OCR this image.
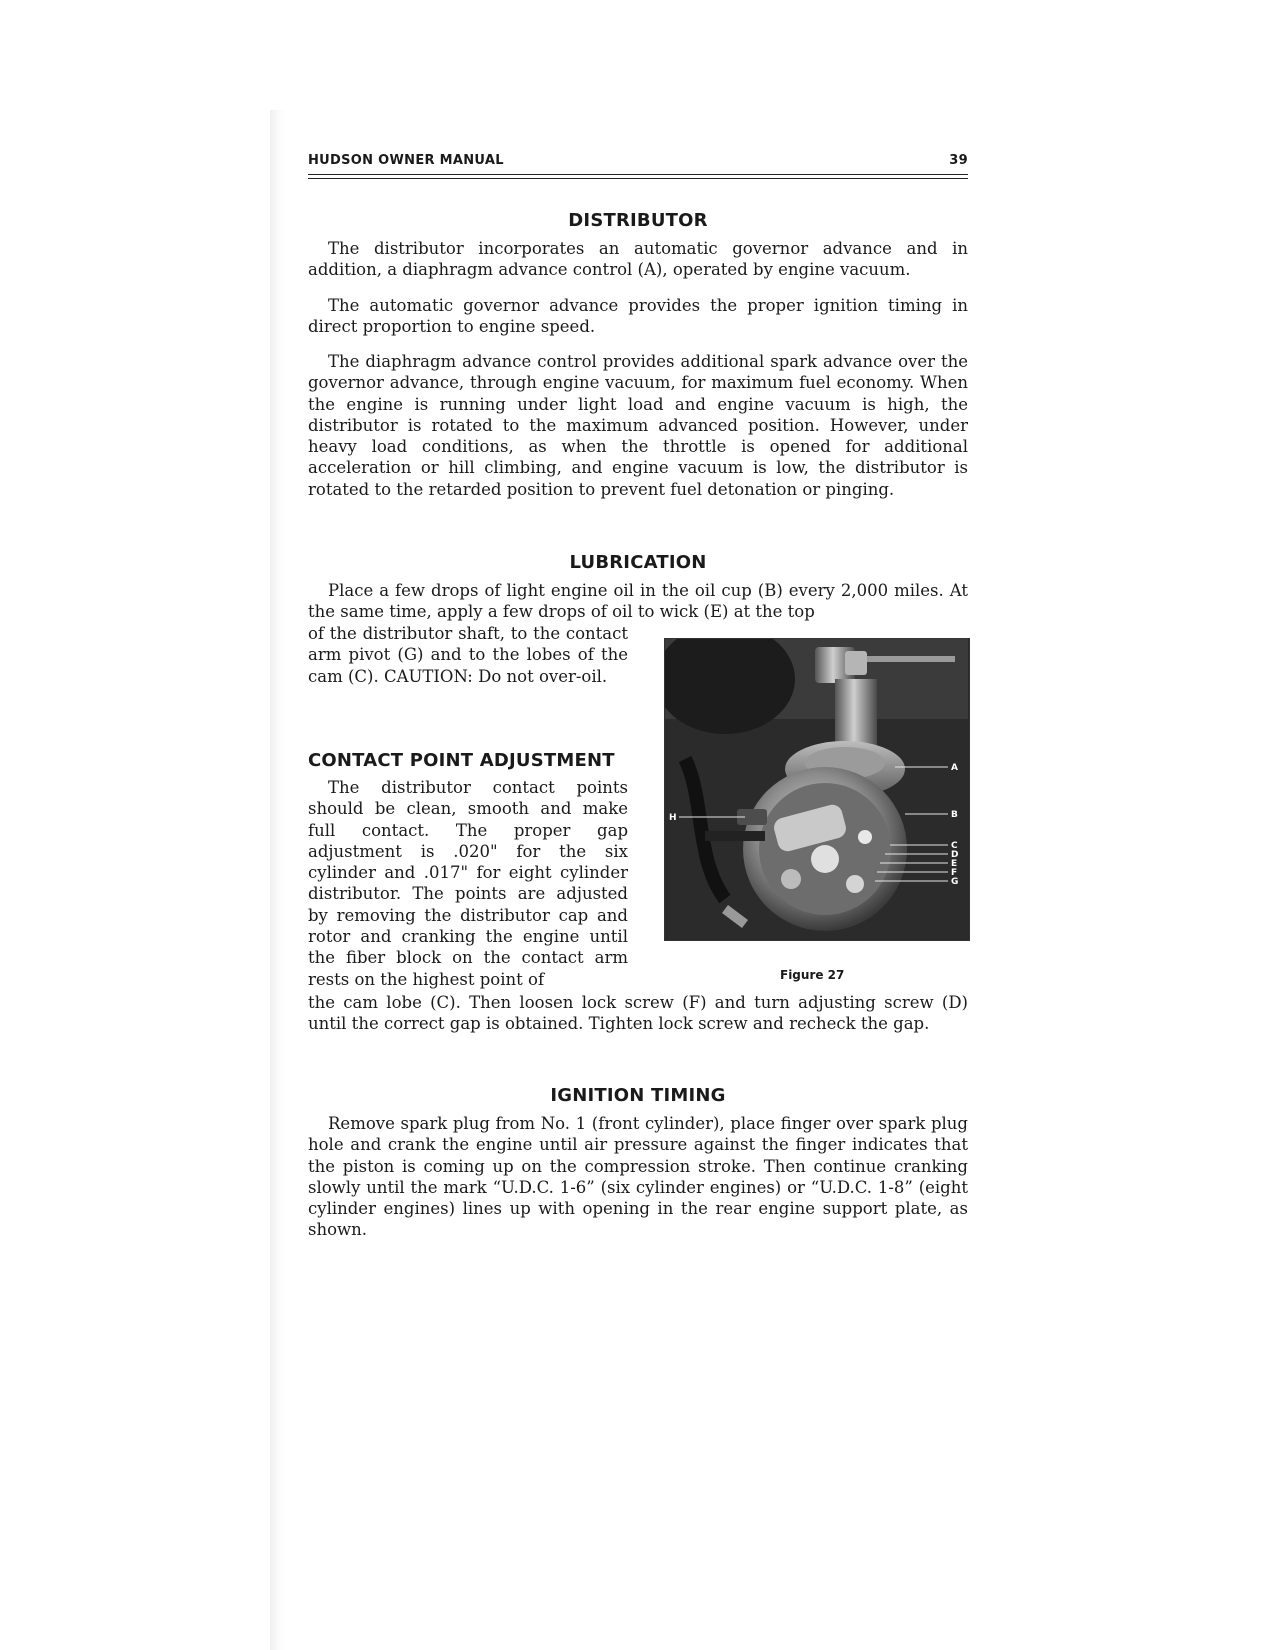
HUDSON OWNER MANUAL	39
DISTRIBUTOR

The distributor incorporates an automatic governor advance and in addition, a diaphragm advance control (A), operated by engine vacuum.

The automatic governor advance provides the proper ignition timing in direct proportion to engine speed.

The diaphragm advance control provides additional spark advance over the governor advance, through engine vacuum, for maximum fuel economy. When the engine is running under light load and engine vacuum is high, the distributor is rotated to the maximum advanced position. However, under heavy load conditions, as when the throttle is opened for additional acceleration or hill climbing, and engine vacuum is low, the distributor is rotated to the retarded position to prevent fuel detonation or pinging.

LUBRICATION

Place a few drops of light engine oil in the oil cup (B) every 2,000 miles. At the same time, apply a few drops of oil to wick (E) at the top

of the distributor shaft, to the contact arm pivot (G) and to the lobes of the cam (C). CAUTION: Do not over-oil.

CONTACT POINT ADJUSTMENT

The distributor contact points should be clean, smooth and make full contact. The proper gap adjustment is .020" for the six cylinder and .017" for eight cylinder distributor. The points are adjusted by removing the distributor cap and rotor and cranking the engine until the fiber block on the contact arm rests on the highest point of

the cam lobe (C). Then loosen lock screw (F) and turn adjusting screw (D) until the correct gap is obtained. Tighten lock screw and recheck the gap.

IGNITION TIMING

Remove spark plug from No. 1 (front cylinder), place finger over spark plug hole and crank the engine until air pressure against the finger indicates that the piston is coming up on the compression stroke. Then continue cranking slowly until the mark “U.D.C. 1-6” (six cylinder engines) or “U.D.C. 1-8” (eight cylinder engines) lines up with opening in the rear engine support plate, as shown.

A
B
C
D
E
F
G
H
Figure 27
